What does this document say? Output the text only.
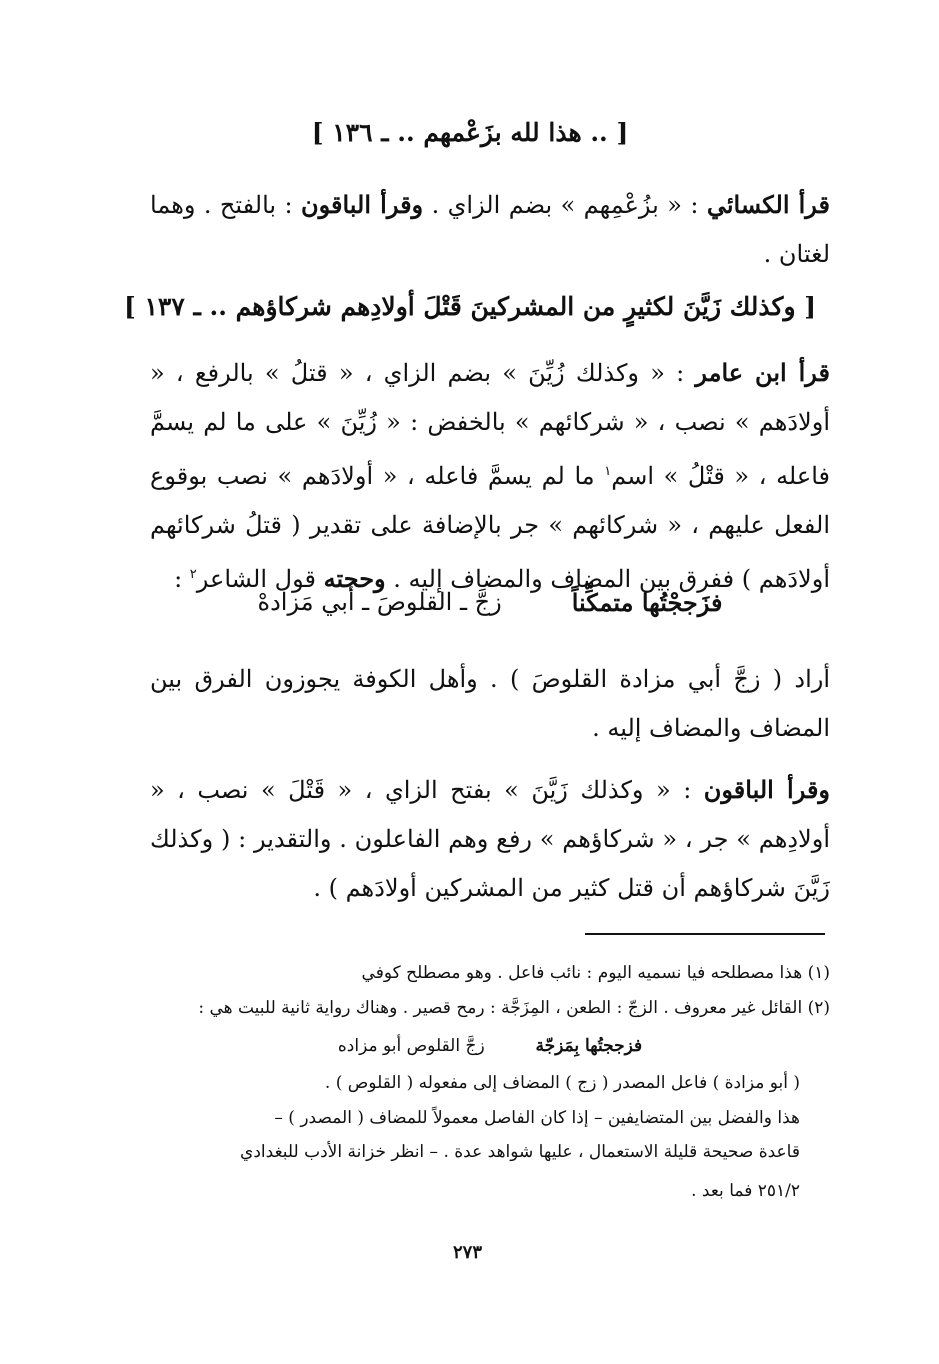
[ .. هذا لله بزَعْمهم .. ـ ١٣٦ ]
قرأ الكسائي : « بزُعْمِهم » بضم الزاي . وقرأ الباقون : بالفتح . وهما لغتان .
[ وكذلك زَيَّنَ لكثيرٍ من المشركينَ قَتْلَ أولادِهم شركاؤهم .. ـ ١٣٧ ]
قرأ ابن عامر : « وكذلك زُيِّنَ » بضم الزاي ، « قتلُ » بالرفع ، « أولادَهم » نصب ، « شركائهم » بالخفض : « زُيِّنَ » على ما لم يسمَّ فاعله ، « قتْلُ » اسم$^١$ ما لم يسمَّ فاعله ، « أولادَهم » نصب بوقوع الفعل عليهم ، « شركائهم » جر بالإضافة على تقدير ( قتلُ شركائهم أولادَهم ) ففرق بين المضاف والمضاف إليه . وحجته قول الشاعر$^٢$ :
فزَججْتُها متمكِّناً
زجَّ ـ القلوصَ ـ أبي مَزادهْ
أراد ( زجَّ أبي مزادة القلوصَ ) . وأهل الكوفة يجوزون الفرق بين المضاف والمضاف إليه .
وقرأ الباقون : « وكذلك زَيَّنَ » بفتح الزاي ، « قَتْلَ » نصب ، « أولادِهم » جر ، « شركاؤهم » رفع وهم الفاعلون . والتقدير : ( وكذلك زَيَّنَ شركاؤهم أن قتل كثير من المشركين أولادَهم ) .
(١) هذا مصطلحه فيا نسميه اليوم : نائب فاعل . وهو مصطلح كوفي
(٢) القائل غير معروف . الزجّ : الطعن ، المِزَجَّة : رمح قصير . وهناك رواية ثانية للبيت هي :
فزججتُها بِمَزجّة  زجَّ القلوص أبو مزاده
( أبو مزادة ) فاعل المصدر ( زج ) المضاف إلى مفعوله ( القلوص ) .
هذا والفضل بين المتضايفين – إذا كان الفاصل معمولاً للمضاف ( المصدر ) –
قاعدة صحيحة قليلة الاستعمال ، عليها شواهد عدة . – انظر خزانة الأدب للبغدادي
٢٥١/٢ فما بعد .
٢٧٣
